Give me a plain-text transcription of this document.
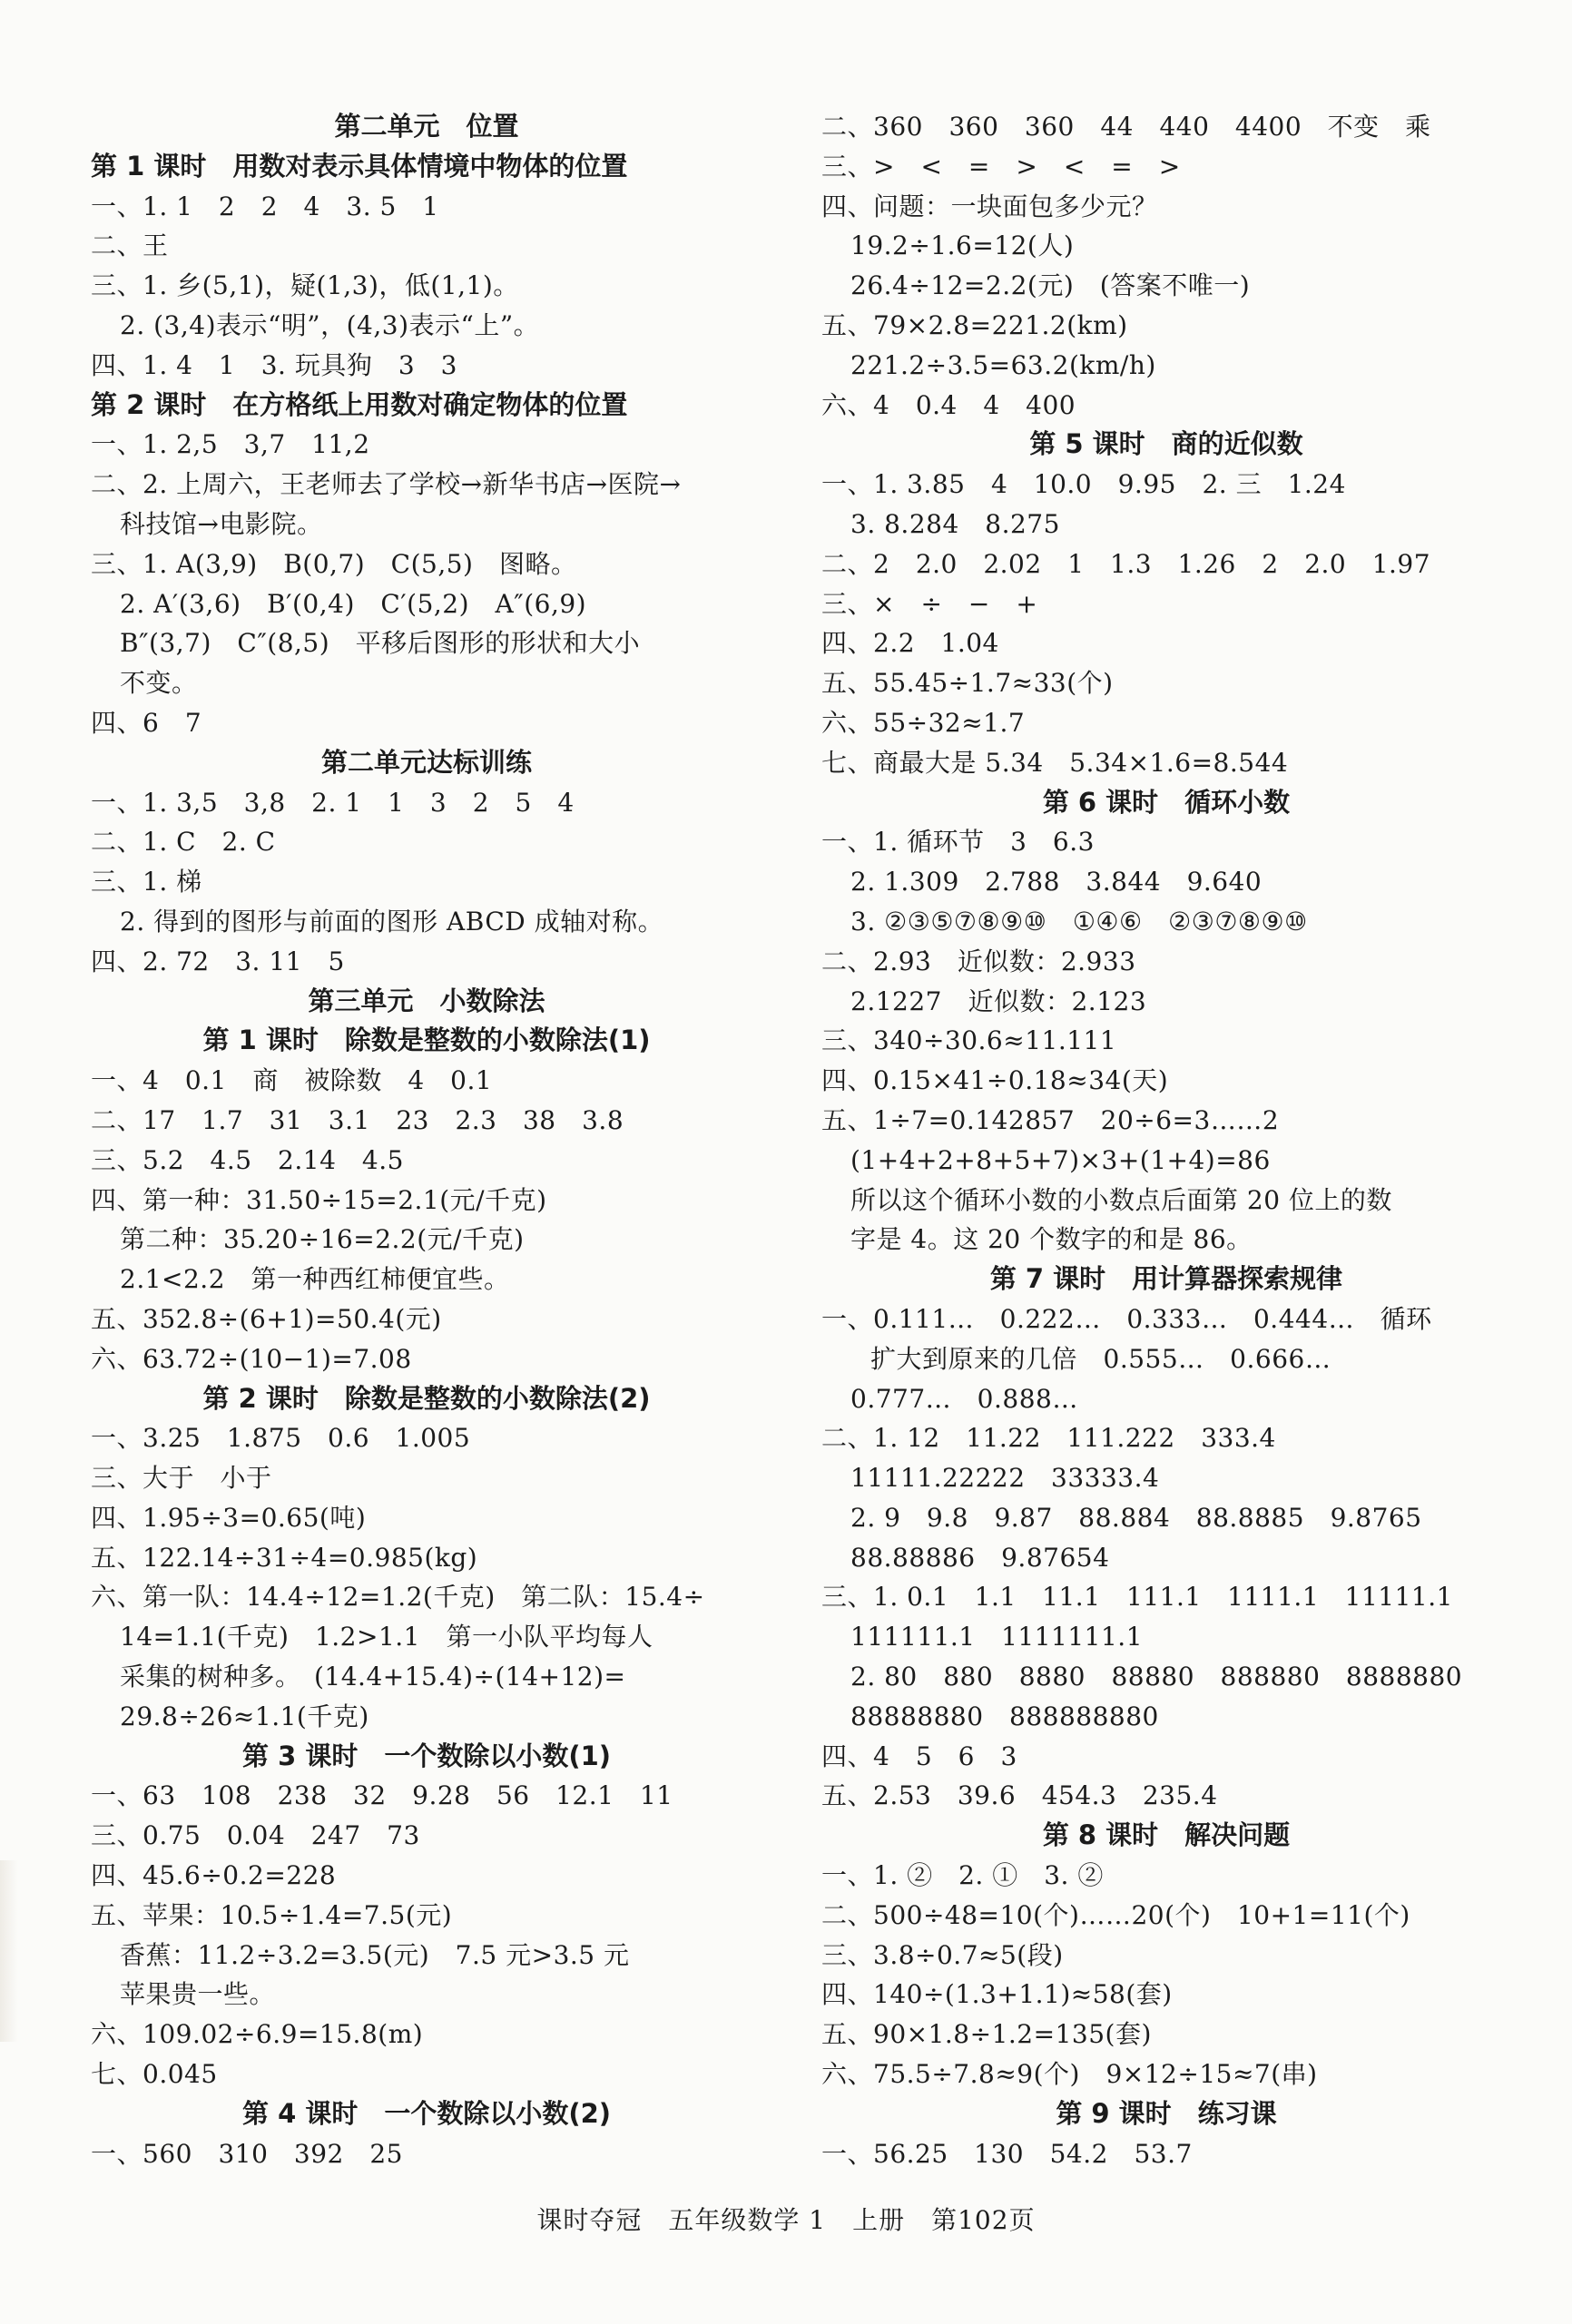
第二单元　位置
第 1 课时　用数对表示具体情境中物体的位置
一、1. 1　2　2　4　3. 5　1
二、王
三、1. 乡(5,1)，疑(1,3)，低(1,1)。
2. (3,4)表示“明”，(4,3)表示“上”。
四、1. 4　1　3. 玩具狗　3　3
第 2 课时　在方格纸上用数对确定物体的位置
一、1. 2,5　3,7　11,2
二、2. 上周六，王老师去了学校→新华书店→医院→
科技馆→电影院。
三、1. A(3,9)　B(0,7)　C(5,5)　图略。
2. A′(3,6)　B′(0,4)　C′(5,2)　A″(6,9)
B″(3,7)　C″(8,5)　平移后图形的形状和大小
不变。
四、6　7
第二单元达标训练
一、1. 3,5　3,8　2. 1　1　3　2　5　4
二、1. C　2. C
三、1. 梯
2. 得到的图形与前面的图形 ABCD 成轴对称。
四、2. 72　3. 11　5
第三单元　小数除法
第 1 课时　除数是整数的小数除法(1)
一、4　0.1　商　被除数　4　0.1
二、17　1.7　31　3.1　23　2.3　38　3.8
三、5.2　4.5　2.14　4.5
四、第一种：31.50÷15=2.1(元/千克)
第二种：35.20÷16=2.2(元/千克)
2.1<2.2　第一种西红柿便宜些。
五、352.8÷(6+1)=50.4(元)
六、63.72÷(10−1)=7.08
第 2 课时　除数是整数的小数除法(2)
一、3.25　1.875　0.6　1.005
三、大于　小于
四、1.95÷3=0.65(吨)
五、122.14÷31÷4=0.985(kg)
六、第一队：14.4÷12=1.2(千克)　第二队：15.4÷
14=1.1(千克)　1.2>1.1　第一小队平均每人
采集的树种多。　(14.4+15.4)÷(14+12)=
29.8÷26≈1.1(千克)
第 3 课时　一个数除以小数(1)
一、63　108　238　32　9.28　56　12.1　11
三、0.75　0.04　247　73
四、45.6÷0.2=228
五、苹果：10.5÷1.4=7.5(元)
香蕉：11.2÷3.2=3.5(元)　7.5 元>3.5 元
苹果贵一些。
六、109.02÷6.9=15.8(m)
七、0.045
第 4 课时　一个数除以小数(2)
一、560　310　392　25
二、360　360　360　44　440　4400　不变　乘
三、>　<　=　>　<　=　>
四、问题：一块面包多少元？
19.2÷1.6=12(人)
26.4÷12=2.2(元)　(答案不唯一)
五、79×2.8=221.2(km)
221.2÷3.5=63.2(km/h)
六、4　0.4　4　400
第 5 课时　商的近似数
一、1. 3.85　4　10.0　9.95　2. 三　1.24
3. 8.284　8.275
二、2　2.0　2.02　1　1.3　1.26　2　2.0　1.97
三、×　÷　−　+
四、2.2　1.04
五、55.45÷1.7≈33(个)
六、55÷32≈1.7
七、商最大是 5.34　5.34×1.6=8.544
第 6 课时　循环小数
一、1. 循环节　3　6.3
2. 1.309　2.788　3.844　9.640
3. ②③⑤⑦⑧⑨⑩　①④⑥　②③⑦⑧⑨⑩
二、2.93̇　近似数：2.933
2.1227　近似数：2.123
三、340÷30.6≈11.111
四、0.15×41÷0.18≈34(天)
五、1÷7=0.142857　20÷6=3……2
(1+4+2+8+5+7)×3+(1+4)=86
所以这个循环小数的小数点后面第 20 位上的数
字是 4。这 20 个数字的和是 86。
第 7 课时　用计算器探索规律
一、0.111…　0.222…　0.333…　0.444…　循环
扩大到原来的几倍　0.555…　0.666…
0.777…　0.888…
二、1. 12　11.22　111.222　333.4
11111.22222　33333.4
2. 9　9.8　9.87　88.884　88.8885　9.8765
88.88886　9.87654
三、1. 0.1　1.1　11.1　111.1　1111.1　11111.1
111111.1　1111111.1
2. 80　880　8880　88880　888880　8888880
88888880　888888880
四、4　5　6　3
五、2.53　39.6　454.3　235.4
第 8 课时　解决问题
一、1. ②　2. ①　3. ②
二、500÷48=10(个)……20(个)　10+1=11(个)
三、3.8÷0.7≈5(段)
四、140÷(1.3+1.1)≈58(套)
五、90×1.8÷1.2=135(套)
六、75.5÷7.8≈9(个)　9×12÷15≈7(串)
第 9 课时　练习课
一、56.25　130　54.2　53.7
课时夺冠　五年级数学 1　上册　第102页
